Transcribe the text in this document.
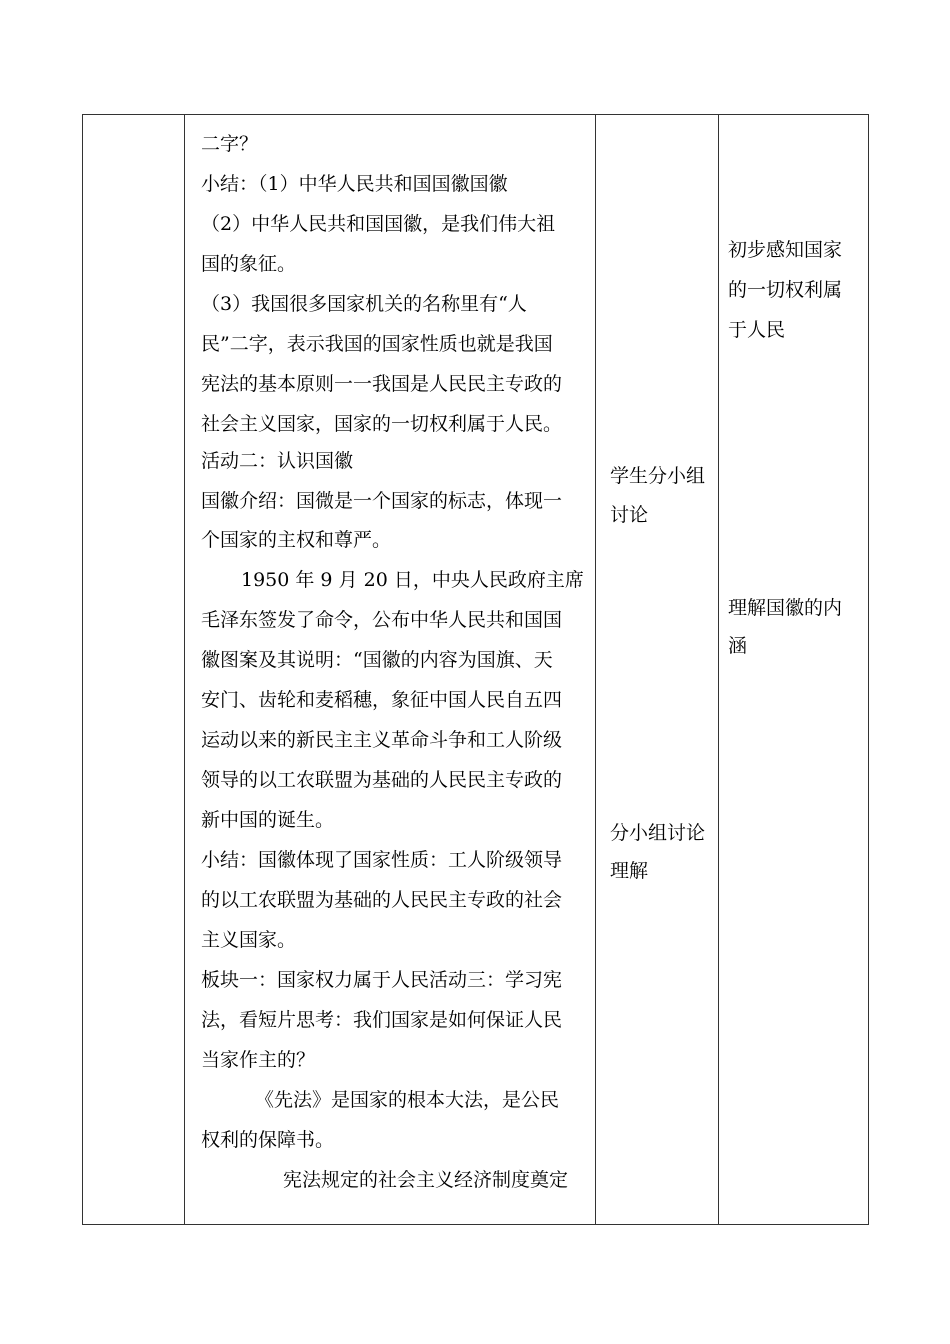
二字？
小结：（1）中华人民共和国国徽国徽
（2）中华人民共和国国徽，是我们伟大祖
国的象征。
（3）我国很多国家机关的名称里有“人
民”二字，表示我国的国家性质也就是我国
宪法的基本原则一一我国是人民民主专政的
社会主义国家，国家的一切权利属于人民。
活动二：认识国徽
国徽介绍：国微是一个国家的标志，体现一
个国家的主权和尊严。
1950 年 9 月 20 日，中央人民政府主席
毛泽东签发了命令，公布中华人民共和国国
徽图案及其说明：“国徽的内容为国旗、天
安门、齿轮和麦稻穗，象征中国人民自五四
运动以来的新民主主义革命斗争和工人阶级
领导的以工农联盟为基础的人民民主专政的
新中国的诞生。
小结：国徽体现了国家性质：工人阶级领导
的以工农联盟为基础的人民民主专政的社会
主义国家。
板块一：国家权力属于人民活动三：学习宪
法，看短片思考：我们国家是如何保证人民
当家作主的？
《先法》是国家的根本大法，是公民
权利的保障书。
宪法规定的社会主义经济制度奠定
学生分小组
讨论
分小组讨论
理解
初步感知国家
的一切权利属
于人民
理解国徽的内
涵
